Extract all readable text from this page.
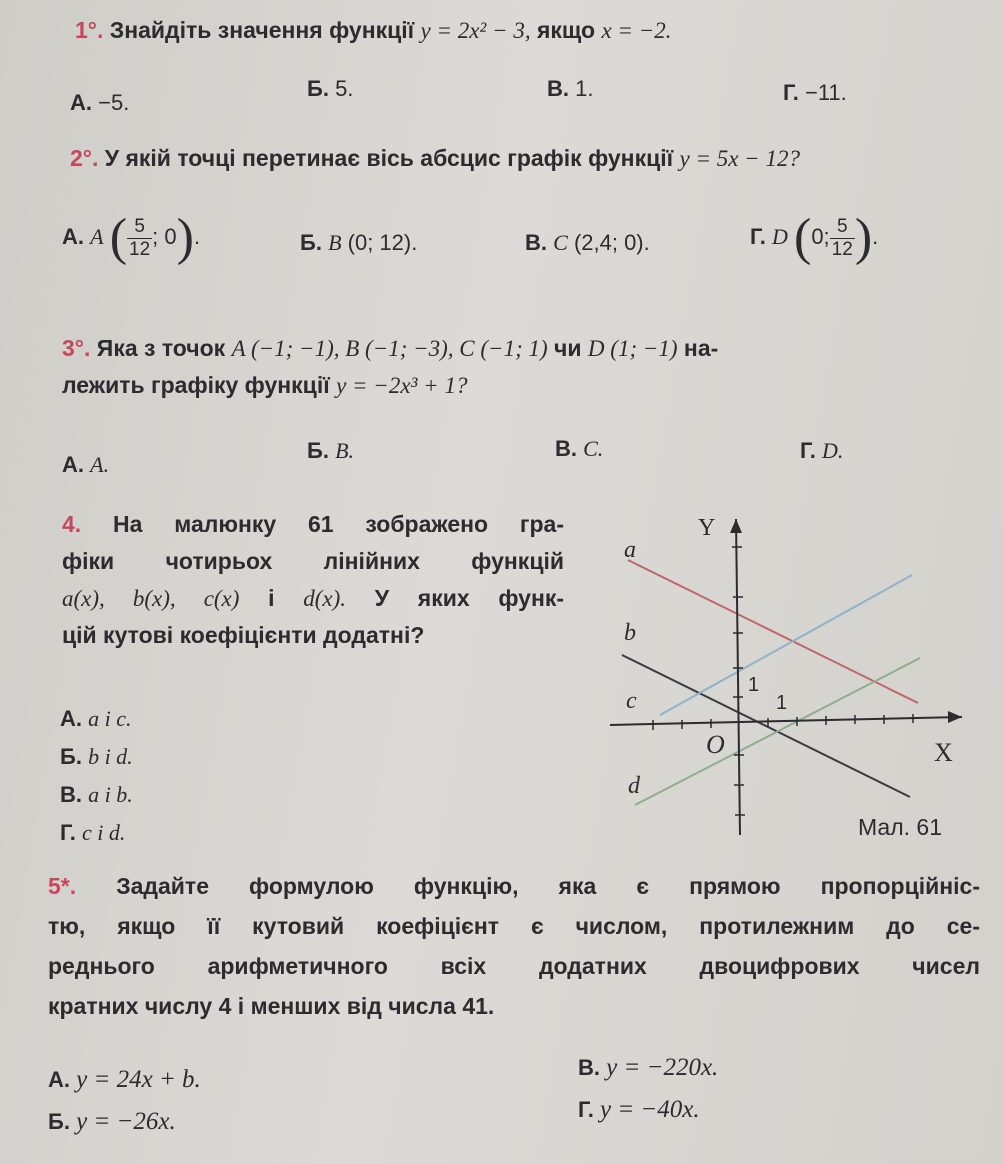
1°. Знайдіть значення функції y = 2x² − 3, якщо x = −2.
А. −5.
Б. 5.	В. 1.	Г. −11.
2°. У якій точці перетинає вісь абсцис графік функції y = 5x − 12?
А. A ( $\frac{5}{12}$ ; 0).	Б. B (0; 12).	В. C (2,4; 0).	Г. D (0; $\frac{5}{12}$ ).
3°. Яка з точок A (−1; −1), B (−1; −3), C (−1; 1) чи D (1; −1) на-
лежить графіку функції y = −2x³ + 1?
А. A.
Б. B.	В. C.	Г. D.
4. На малюнку 61 зображено гра-
фіки чотирьох лінійних функцій
a(x), b(x), c(x) і d(x). У яких функ-
цій кутові коефіцієнти додатні?
А. a і c.
Б. b і d.
В. a і b.
Г. c і d.
Y
X
O
1
1
a
b
c
d
Мал. 61
5*. Задайте формулою функцію, яка є прямою пропорційніс-
тю, якщо її кутовий коефіцієнт є числом, протилежним до се-
реднього арифметичного всіх додатних двоцифрових чисел
кратних числу 4 і менших від числа 41.
А. y = 24x + b.
Б. y = −26x.
В. y = −220x.
Г. y = −40x.
